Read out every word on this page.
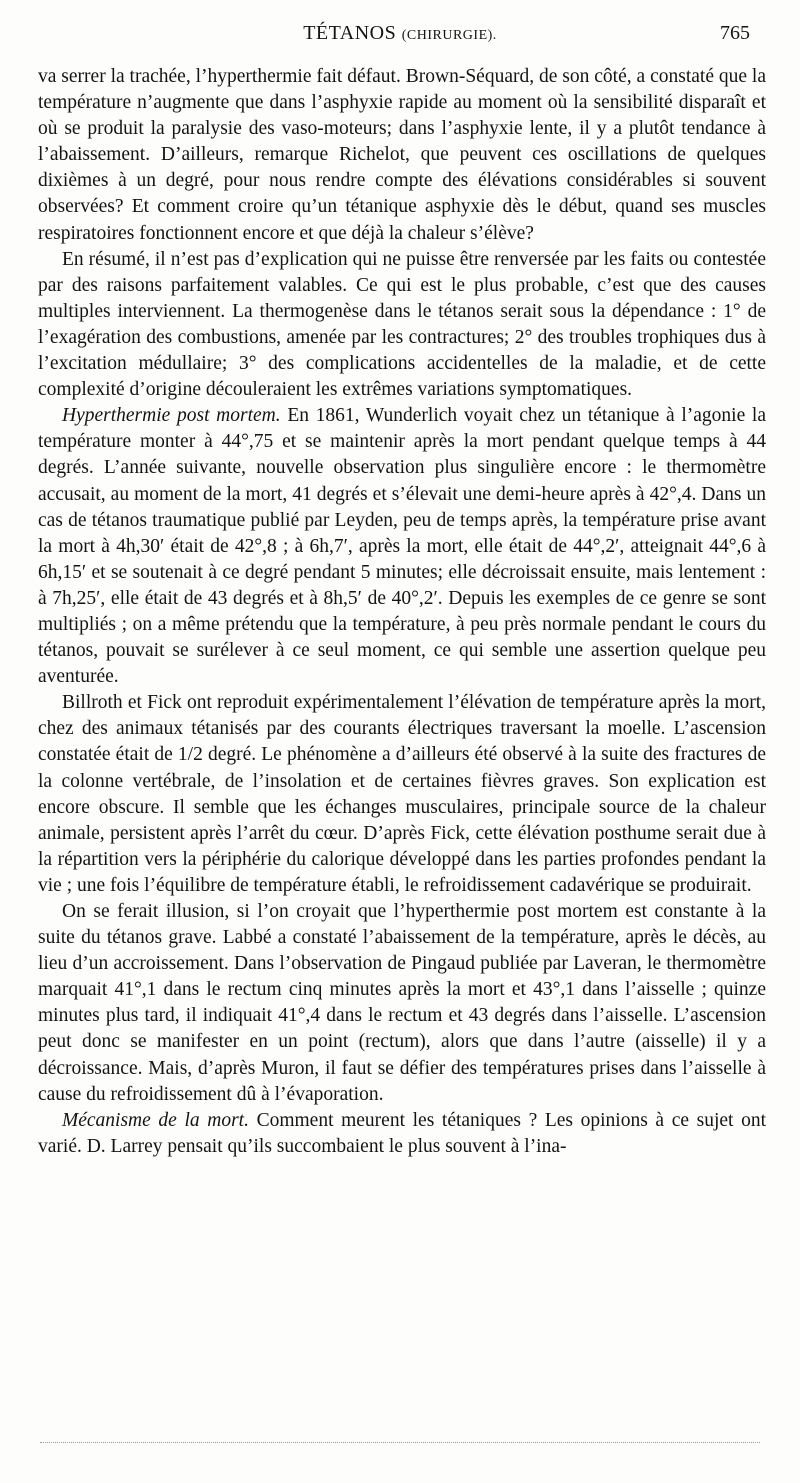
TÉTANOS (CHIRURGIE).	765

va serrer la trachée, l’hyperthermie fait défaut. Brown-Séquard, de son côté, a constaté que la température n’augmente que dans l’asphyxie rapide au moment où la sensibilité disparaît et où se produit la paralysie des vaso-moteurs; dans l’asphyxie lente, il y a plutôt tendance à l’abaissement. D’ailleurs, remarque Richelot, que peuvent ces oscillations de quelques dixièmes à un degré, pour nous rendre compte des élévations considérables si souvent observées? Et comment croire qu’un tétanique asphyxie dès le début, quand ses muscles respiratoires fonctionnent encore et que déjà la chaleur s’élève?

En résumé, il n’est pas d’explication qui ne puisse être renversée par les faits ou contestée par des raisons parfaitement valables. Ce qui est le plus probable, c’est que des causes multiples interviennent. La thermogenèse dans le tétanos serait sous la dépendance : 1° de l’exagération des combustions, amenée par les contractures; 2° des troubles trophiques dus à l’excitation médullaire; 3° des complications accidentelles de la maladie, et de cette complexité d’origine découleraient les extrêmes variations symptomatiques.

Hyperthermie post mortem. En 1861, Wunderlich voyait chez un tétanique à l’agonie la température monter à 44°,75 et se maintenir après la mort pendant quelque temps à 44 degrés. L’année suivante, nouvelle observation plus singulière encore : le thermomètre accusait, au moment de la mort, 41 degrés et s’élevait une demi-heure après à 42°,4. Dans un cas de tétanos traumatique publié par Leyden, peu de temps après, la température prise avant la mort à 4h,30′ était de 42°,8 ; à 6h,7′, après la mort, elle était de 44°,2′, atteignait 44°,6 à 6h,15′ et se soutenait à ce degré pendant 5 minutes; elle décroissait ensuite, mais lentement : à 7h,25′, elle était de 43 degrés et à 8h,5′ de 40°,2′. Depuis les exemples de ce genre se sont multipliés ; on a même prétendu que la température, à peu près normale pendant le cours du tétanos, pouvait se surélever à ce seul moment, ce qui semble une assertion quelque peu aventurée.

Billroth et Fick ont reproduit expérimentalement l’élévation de température après la mort, chez des animaux tétanisés par des courants électriques traversant la moelle. L’ascension constatée était de 1/2 degré. Le phénomène a d’ailleurs été observé à la suite des fractures de la colonne vertébrale, de l’insolation et de certaines fièvres graves. Son explication est encore obscure. Il semble que les échanges musculaires, principale source de la chaleur animale, persistent après l’arrêt du cœur. D’après Fick, cette élévation posthume serait due à la répartition vers la périphérie du calorique développé dans les parties profondes pendant la vie ; une fois l’équilibre de température établi, le refroidissement cadavérique se produirait.

On se ferait illusion, si l’on croyait que l’hyperthermie post mortem est constante à la suite du tétanos grave. Labbé a constaté l’abaissement de la température, après le décès, au lieu d’un accroissement. Dans l’observation de Pingaud publiée par Laveran, le thermomètre marquait 41°,1 dans le rectum cinq minutes après la mort et 43°,1 dans l’aisselle ; quinze minutes plus tard, il indiquait 41°,4 dans le rectum et 43 degrés dans l’aisselle. L’ascension peut donc se manifester en un point (rectum), alors que dans l’autre (aisselle) il y a décroissance. Mais, d’après Muron, il faut se défier des températures prises dans l’aisselle à cause du refroidissement dû à l’évaporation.

Mécanisme de la mort. Comment meurent les tétaniques ? Les opinions à ce sujet ont varié. D. Larrey pensait qu’ils succombaient le plus souvent à l’ina-
